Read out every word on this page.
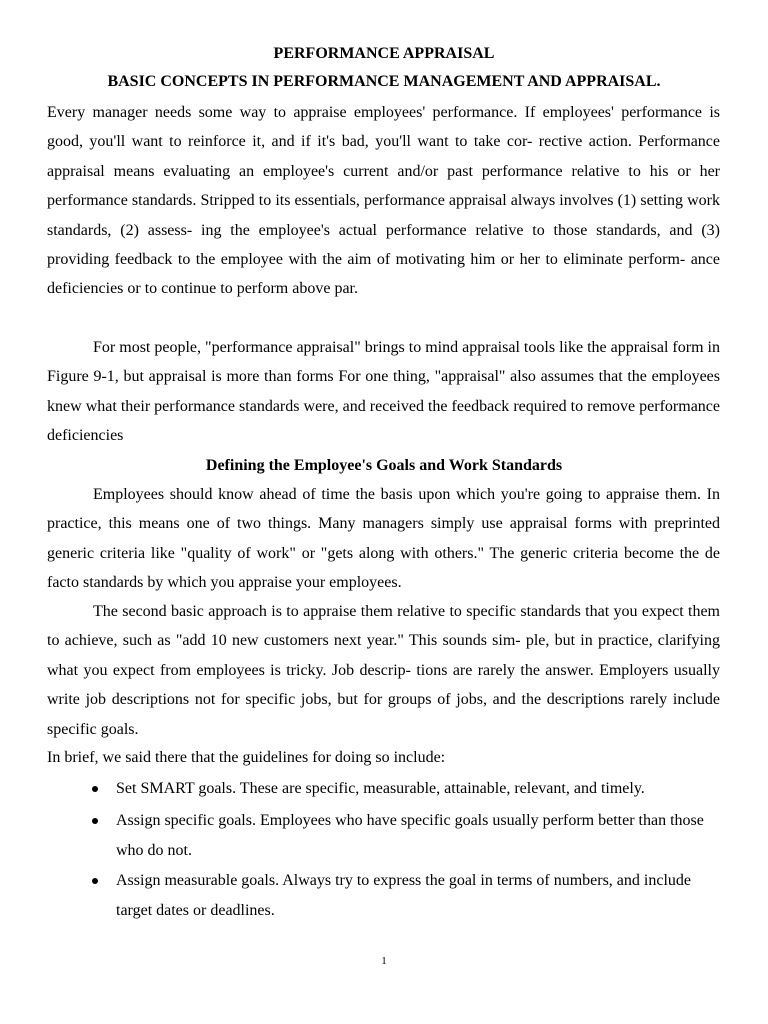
PERFORMANCE APPRAISAL
BASIC CONCEPTS IN PERFORMANCE MANAGEMENT AND APPRAISAL.

Every manager needs some way to appraise employees' performance. If employees' performance is good, you'll want to reinforce it, and if it's bad, you'll want to take cor- rective action. Performance appraisal means evaluating an employee's current and/or past performance relative to his or her performance standards. Stripped to its essentials, performance appraisal always involves (1) setting work standards, (2) assess- ing the employee's actual performance relative to those standards, and (3) providing feedback to the employee with the aim of motivating him or her to eliminate perform- ance deficiencies or to continue to perform above par.

For most people, "performance appraisal" brings to mind appraisal tools like the appraisal form in Figure 9-1, but appraisal is more than forms For one thing, "appraisal" also assumes that the employees knew what their performance standards were, and received the feedback required to remove performance deficiencies

Defining the Employee's Goals and Work Standards

Employees should know ahead of time the basis upon which you're going to appraise them. In practice, this means one of two things. Many managers simply use appraisal forms with preprinted generic criteria like "quality of work" or "gets along with others." The generic criteria become the de facto standards by which you appraise your employees.

The second basic approach is to appraise them relative to specific standards that you expect them to achieve, such as "add 10 new customers next year." This sounds sim- ple, but in practice, clarifying what you expect from employees is tricky. Job descrip- tions are rarely the answer. Employers usually write job descriptions not for specific jobs, but for groups of jobs, and the descriptions rarely include specific goals.

In brief, we said there that the guidelines for doing so include:
Set SMART goals. These are specific, measurable, attainable, relevant, and timely.
Assign specific goals. Employees who have specific goals usually perform better than those who do not.
Assign measurable goals. Always try to express the goal in terms of numbers, and include target dates or deadlines.
1
